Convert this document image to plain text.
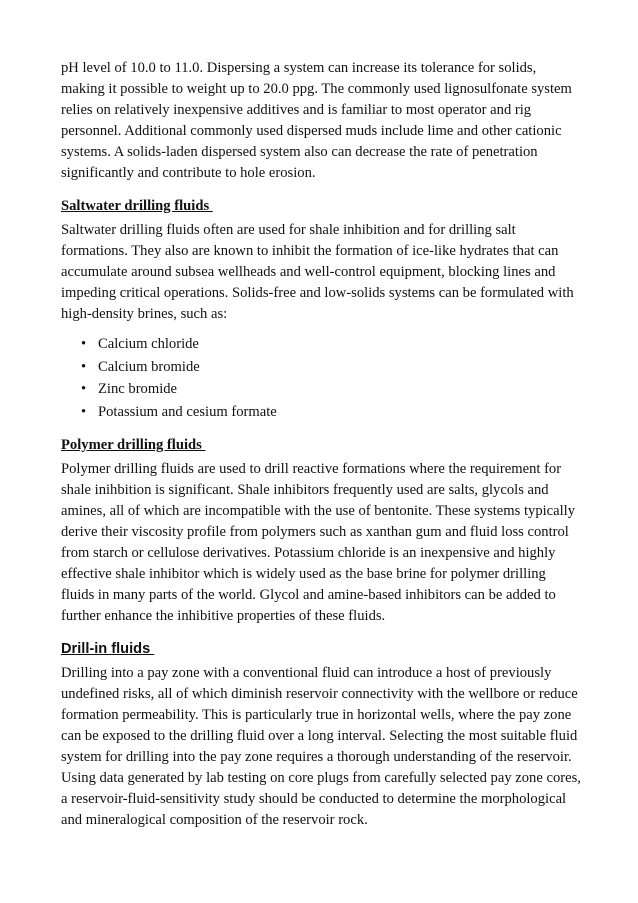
pH level of 10.0 to 11.0. Dispersing a system can increase its tolerance for solids, making it possible to weight up to 20.0 ppg. The commonly used lignosulfonate system relies on relatively inexpensive additives and is familiar to most operator and rig personnel. Additional commonly used dispersed muds include lime and other cationic systems. A solids-laden dispersed system also can decrease the rate of penetration significantly and contribute to hole erosion.

Saltwater drilling fluids

Saltwater drilling fluids often are used for shale inhibition and for drilling salt formations. They also are known to inhibit the formation of ice-like hydrates that can accumulate around subsea wellheads and well-control equipment, blocking lines and impeding critical operations. Solids-free and low-solids systems can be formulated with high-density brines, such as:

• Calcium chloride
• Calcium bromide
• Zinc bromide
• Potassium and cesium formate
Polymer drilling fluids

Polymer drilling fluids are used to drill reactive formations where the requirement for shale inihbition is significant. Shale inhibitors frequently used are salts, glycols and amines, all of which are incompatible with the use of bentonite. These systems typically derive their viscosity profile from polymers such as xanthan gum and fluid loss control from starch or cellulose derivatives. Potassium chloride is an inexpensive and highly effective shale inhibitor which is widely used as the base brine for polymer drilling fluids in many parts of the world. Glycol and amine-based inhibitors can be added to further enhance the inhibitive properties of these fluids.

Drill-in fluids

Drilling into a pay zone with a conventional fluid can introduce a host of previously undefined risks, all of which diminish reservoir connectivity with the wellbore or reduce formation permeability. This is particularly true in horizontal wells, where the pay zone can be exposed to the drilling fluid over a long interval. Selecting the most suitable fluid system for drilling into the pay zone requires a thorough understanding of the reservoir. Using data generated by lab testing on core plugs from carefully selected pay zone cores, a reservoir-fluid-sensitivity study should be conducted to determine the morphological and mineralogical composition of the reservoir rock.
